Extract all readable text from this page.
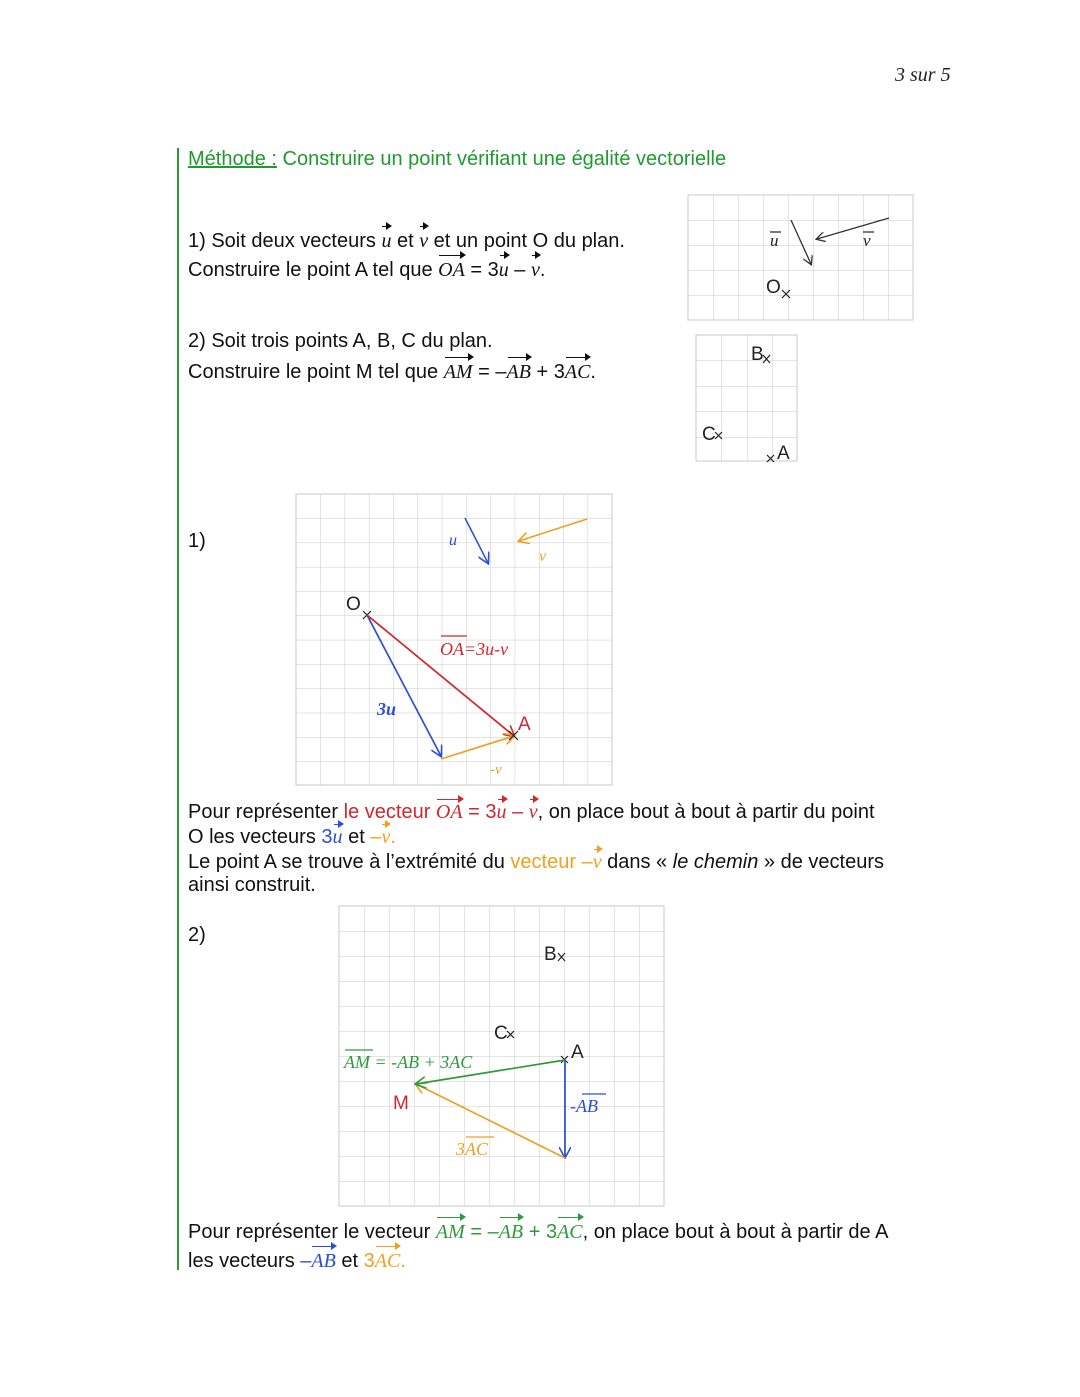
3 sur 5
Méthode : Construire un point vérifiant une égalité vectorielle
1) Soit deux vecteurs u et v et un point O du plan.
Construire le point A tel que OA = 3u – v.
2) Soit trois points A, B, C du plan.
Construire le point M tel que AM = –AB + 3AC.
u	v
O
B
C
A
1)	u
v
O
A
OA=3u-v
3u
-v
Pour représenter le vecteur OA = 3u – v, on place bout à bout à partir du point
O les vecteurs 3u et –v.
Le point A se trouve à l’extrémité du vecteur –v dans « le chemin » de vecteurs
ainsi construit.
2)
B
C
A
M
AM = -AB + 3AC
-AB
3AC
Pour représenter le vecteur AM = –AB + 3AC, on place bout à bout à partir de A
les vecteurs –AB et 3AC.
